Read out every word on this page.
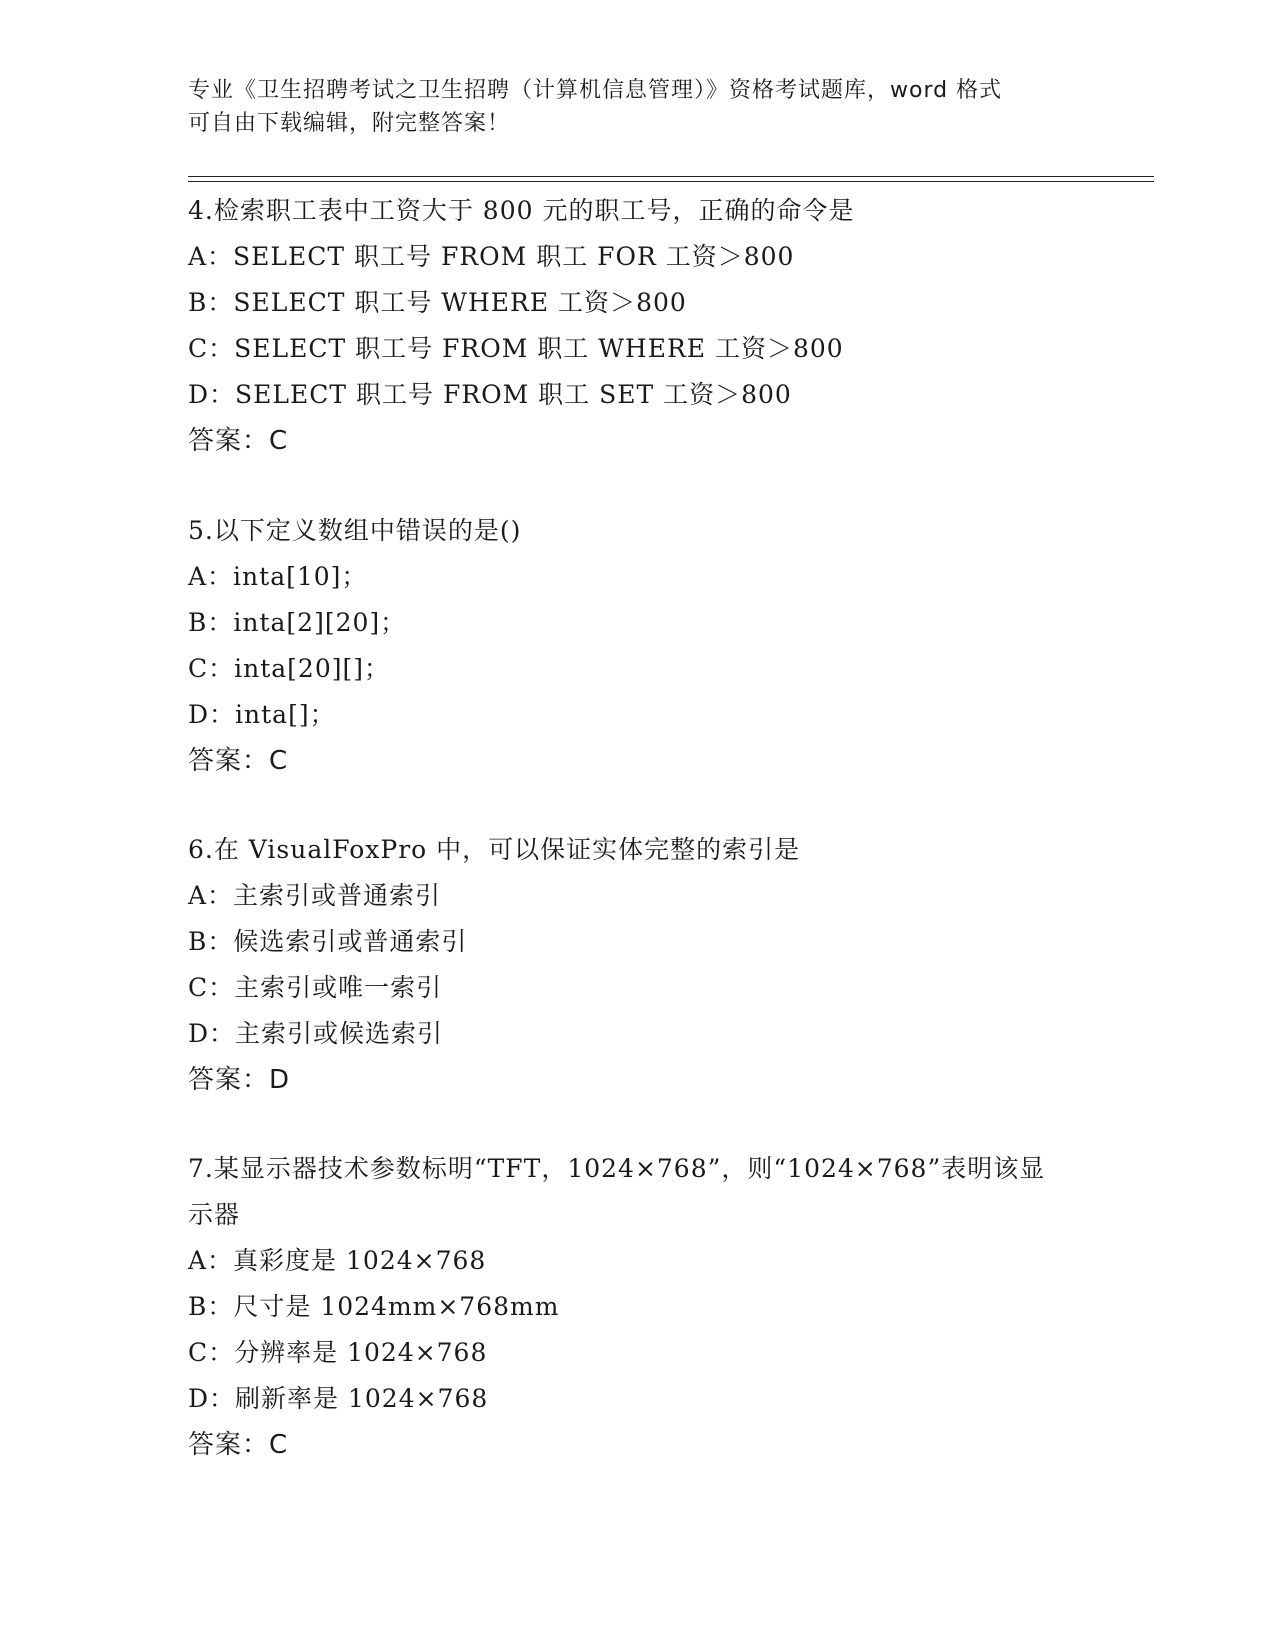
专业《卫生招聘考试之卫生招聘（计算机信息管理）》资格考试题库，word 格式
可自由下载编辑，附完整答案！
4.检索职工表中工资大于 800 元的职工号，正确的命令是
A：SELECT 职工号 FROM 职工 FOR 工资＞800
B：SELECT 职工号 WHERE 工资＞800
C：SELECT 职工号 FROM 职工 WHERE 工资＞800
D：SELECT 职工号 FROM 职工 SET 工资＞800
答案：C
5.以下定义数组中错误的是()
A：inta[10]；
B：inta[2][20]；
C：inta[20][]；
D：inta[]；
答案：C
6.在 VisualFoxPro 中，可以保证实体完整的索引是
A：主索引或普通索引
B：候选索引或普通索引
C：主索引或唯一索引
D：主索引或候选索引
答案：D
7.某显示器技术参数标明“TFT，1024×768”，则“1024×768”表明该显示器
A：真彩度是 1024×768
B：尺寸是 1024mm×768mm
C：分辨率是 1024×768
D：刷新率是 1024×768
答案：C
